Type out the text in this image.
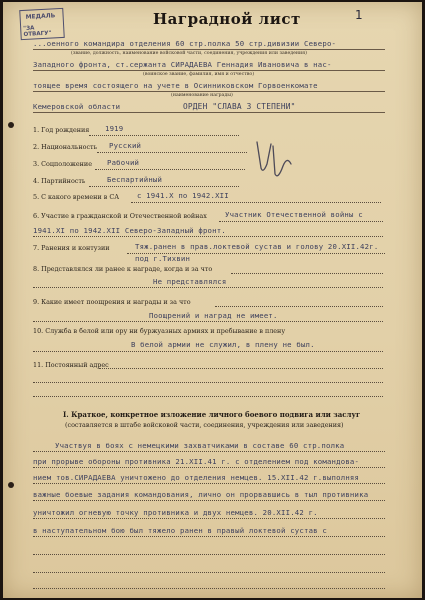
МЕДАЛЬ
"ЗА ОТВАГУ"
Наградной лист	1
...оенного командира отделения 60 стр.полка 50 стр.дивизии Северо-
(звание, должность, наименование войсковой части, соединения, учреждения или заведения)
Западного фронта, ст.сержанта СИРАДАЕВА Геннадия Ивановича в нас-
(воинское звание, фамилия, имя и отчество)
тоящее время состоящего на учете в Осинниковском Горвоенкомате
(наименование награды)
Кемеровской области	ОРДЕН "СЛАВА 3 СТЕПЕНИ"
1. Год рождения 1919
2. Национальность Русский
3. Соцположение Рабочий
4. Партийность	Беспартийный
5. С какого времени в СА с 1941.X по 1942.XII
6. Участие в гражданской и Отечественной войнах Участник Отечественной войны с
1941.XI по 1942.XII Северо-Западный фронт.
7. Ранения и контузии	Тяж.ранен в прав.локтевой сустав и голову 20.XII.42г.
под г.Тихвин
8. Представлялся ли ранее к награде, когда и за что
Не представлялся
9. Какие имеет поощрения и награды и за что
Поощрений и наград не имеет.
10. Служба в белой или ору ни буржуазных армиях и пребывание в плену
В белой армии не служил, в плену не был.
11. Постоянный адрес
I. Краткое, конкретное изложение личного боевого подвига или заслуг
(составляется в штабе войсковой части, соединения, учреждения или заведения)
Участвуя в боях с немецкими захватчиками в составе 60 стр.полка
при прорыве обороны противника 21.XII.41 г. с отделением под командова-
нием тов.СИРАДАЕВА уничтожено до отделения немцев. 15.XII.42 г.выполняя
важные боевые задания командования, лично он прорвавшись в тыл противника
уничтожил огневую точку противника и двух немцев. 20.XII.42 г.
в наступательном бою был тяжело ранен в правый локтевой сустав с
